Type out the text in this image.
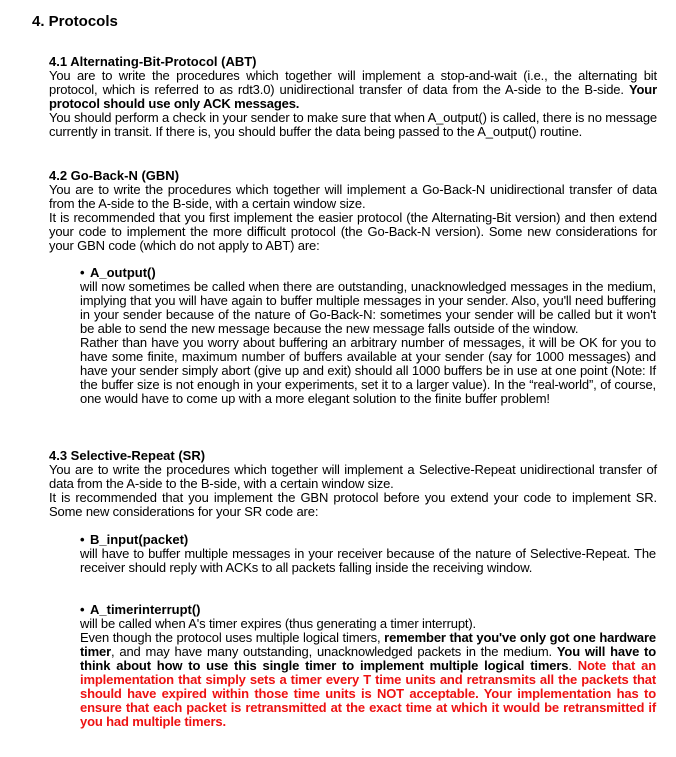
4. Protocols
4.1 Alternating-Bit-Protocol (ABT)

You are to write the procedures which together will implement a stop-and-wait (i.e., the alternating bit protocol, which is referred to as rdt3.0) unidirectional transfer of data from the A-side to the B-side. Your protocol should use only ACK messages.

You should perform a check in your sender to make sure that when A_output() is called, there is no message currently in transit. If there is, you should buffer the data being passed to the A_output() routine.

4.2 Go-Back-N (GBN)

You are to write the procedures which together will implement a Go-Back-N unidirectional transfer of data from the A-side to the B-side, with a certain window size.

It is recommended that you first implement the easier protocol (the Alternating-Bit version) and then extend your code to implement the more difficult protocol (the Go-Back-N version). Some new considerations for your GBN code (which do not apply to ABT) are:

• A_output()

will now sometimes be called when there are outstanding, unacknowledged messages in the medium, implying that you will have again to buffer multiple messages in your sender. Also, you'll need buffering in your sender because of the nature of Go-Back-N: sometimes your sender will be called but it won't be able to send the new message because the new message falls outside of the window.

Rather than have you worry about buffering an arbitrary number of messages, it will be OK for you to have some finite, maximum number of buffers available at your sender (say for 1000 messages) and have your sender simply abort (give up and exit) should all 1000 buffers be in use at one point (Note: If the buffer size is not enough in your experiments, set it to a larger value). In the “real-world”, of course, one would have to come up with a more elegant solution to the finite buffer problem!

4.3 Selective-Repeat (SR)

You are to write the procedures which together will implement a Selective-Repeat unidirectional transfer of data from the A-side to the B-side, with a certain window size.

It is recommended that you implement the GBN protocol before you extend your code to implement SR. Some new considerations for your SR code are:

• B_input(packet)

will have to buffer multiple messages in your receiver because of the nature of Selective-Repeat. The receiver should reply with ACKs to all packets falling inside the receiving window.

• A_timerinterrupt()

will be called when A's timer expires (thus generating a timer interrupt).

Even though the protocol uses multiple logical timers, remember that you've only got one hardware timer, and may have many outstanding, unacknowledged packets in the medium. You will have to think about how to use this single timer to implement multiple logical timers. Note that an implementation that simply sets a timer every T time units and retransmits all the packets that should have expired within those time units is NOT acceptable. Your implementation has to ensure that each packet is retransmitted at the exact time at which it would be retransmitted if you had multiple timers.
